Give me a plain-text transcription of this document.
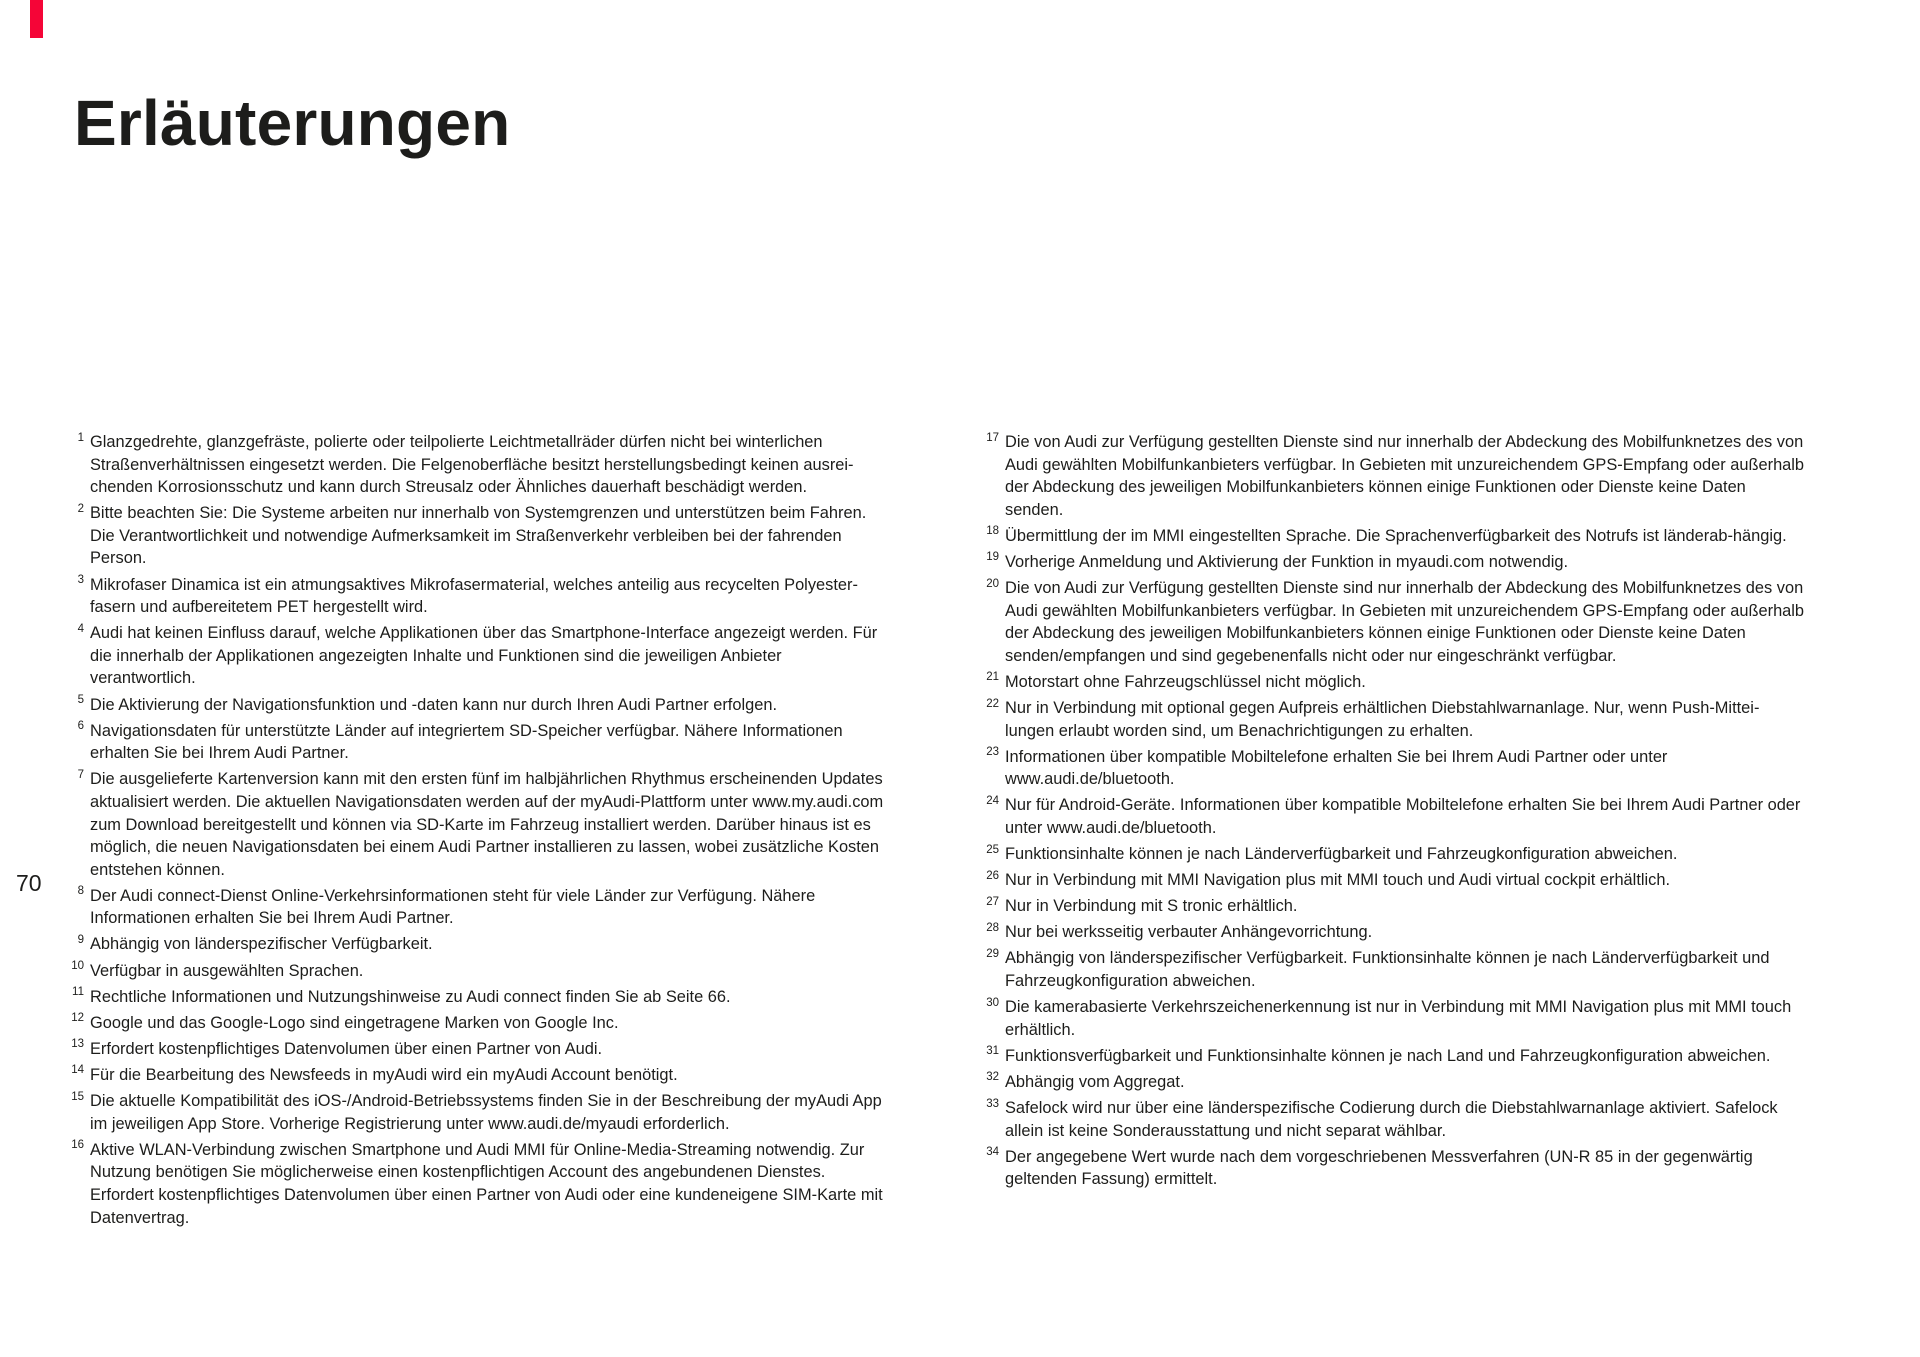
Erläuterungen
70
1 Glanzgedrehte, glanzgefräste, polierte oder teilpolierte Leichtmetallräder dürfen nicht bei winterlichen Straßenverhältnissen eingesetzt werden. Die Felgenoberfläche besitzt herstellungsbedingt keinen ausrei-chenden Korrosionsschutz und kann durch Streusalz oder Ähnliches dauerhaft beschädigt werden.
2 Bitte beachten Sie: Die Systeme arbeiten nur innerhalb von Systemgrenzen und unterstützen beim Fahren. Die Verantwortlichkeit und notwendige Aufmerksamkeit im Straßenverkehr verbleiben bei der fahrenden Person.
3 Mikrofaser Dinamica ist ein atmungsaktives Mikrofasermaterial, welches anteilig aus recycelten Polyester-fasern und aufbereitetem PET hergestellt wird.
4 Audi hat keinen Einfluss darauf, welche Applikationen über das Smartphone-Interface angezeigt werden. Für die innerhalb der Applikationen angezeigten Inhalte und Funktionen sind die jeweiligen Anbieter verantwortlich.
5 Die Aktivierung der Navigationsfunktion und -daten kann nur durch Ihren Audi Partner erfolgen.
6 Navigationsdaten für unterstützte Länder auf integriertem SD-Speicher verfügbar. Nähere Informationen erhalten Sie bei Ihrem Audi Partner.
7 Die ausgelieferte Kartenversion kann mit den ersten fünf im halbjährlichen Rhythmus erscheinenden Updates aktualisiert werden. Die aktuellen Navigationsdaten werden auf der myAudi-Plattform unter www.my.audi.com zum Download bereitgestellt und können via SD-Karte im Fahrzeug installiert werden. Darüber hinaus ist es möglich, die neuen Navigationsdaten bei einem Audi Partner installieren zu lassen, wobei zusätzliche Kosten entstehen können.
8 Der Audi connect-Dienst Online-Verkehrsinformationen steht für viele Länder zur Verfügung. Nähere Informationen erhalten Sie bei Ihrem Audi Partner.
9 Abhängig von länderspezifischer Verfügbarkeit.
10 Verfügbar in ausgewählten Sprachen.
11 Rechtliche Informationen und Nutzungshinweise zu Audi connect finden Sie ab Seite 66.
12 Google und das Google-Logo sind eingetragene Marken von Google Inc.
13 Erfordert kostenpflichtiges Datenvolumen über einen Partner von Audi.
14 Für die Bearbeitung des Newsfeeds in myAudi wird ein myAudi Account benötigt.
15 Die aktuelle Kompatibilität des iOS-/Android-Betriebssystems finden Sie in der Beschreibung der myAudi App im jeweiligen App Store. Vorherige Registrierung unter www.audi.de/myaudi erforderlich.
16 Aktive WLAN-Verbindung zwischen Smartphone und Audi MMI für Online-Media-Streaming notwendig. Zur Nutzung benötigen Sie möglicherweise einen kostenpflichtigen Account des angebundenen Dienstes. Erfordert kostenpflichtiges Datenvolumen über einen Partner von Audi oder eine kundeneigene SIM-Karte mit Datenvertrag.
17 Die von Audi zur Verfügung gestellten Dienste sind nur innerhalb der Abdeckung des Mobilfunknetzes des von Audi gewählten Mobilfunkanbieters verfügbar. In Gebieten mit unzureichendem GPS-Empfang oder außerhalb der Abdeckung des jeweiligen Mobilfunkanbieters können einige Funktionen oder Dienste keine Daten senden.
18 Übermittlung der im MMI eingestellten Sprache. Die Sprachenverfügbarkeit des Notrufs ist länderab-hängig.
19 Vorherige Anmeldung und Aktivierung der Funktion in myaudi.com notwendig.
20 Die von Audi zur Verfügung gestellten Dienste sind nur innerhalb der Abdeckung des Mobilfunknetzes des von Audi gewählten Mobilfunkanbieters verfügbar. In Gebieten mit unzureichendem GPS-Empfang oder außerhalb der Abdeckung des jeweiligen Mobilfunkanbieters können einige Funktionen oder Dienste keine Daten senden/empfangen und sind gegebenenfalls nicht oder nur eingeschränkt verfügbar.
21 Motorstart ohne Fahrzeugschlüssel nicht möglich.
22 Nur in Verbindung mit optional gegen Aufpreis erhältlichen Diebstahlwarnanlage. Nur, wenn Push-Mittei-lungen erlaubt worden sind, um Benachrichtigungen zu erhalten.
23 Informationen über kompatible Mobiltelefone erhalten Sie bei Ihrem Audi Partner oder unter www.audi.de/bluetooth.
24 Nur für Android-Geräte. Informationen über kompatible Mobiltelefone erhalten Sie bei Ihrem Audi Partner oder unter www.audi.de/bluetooth.
25 Funktionsinhalte können je nach Länderverfügbarkeit und Fahrzeugkonfiguration abweichen.
26 Nur in Verbindung mit MMI Navigation plus mit MMI touch und Audi virtual cockpit erhältlich.
27 Nur in Verbindung mit S tronic erhältlich.
28 Nur bei werksseitig verbauter Anhängevorrichtung.
29 Abhängig von länderspezifischer Verfügbarkeit. Funktionsinhalte können je nach Länderverfügbarkeit und Fahrzeugkonfiguration abweichen.
30 Die kamerabasierte Verkehrszeichenerkennung ist nur in Verbindung mit MMI Navigation plus mit MMI touch erhältlich.
31 Funktionsverfügbarkeit und Funktionsinhalte können je nach Land und Fahrzeugkonfiguration abweichen.
32 Abhängig vom Aggregat.
33 Safelock wird nur über eine länderspezifische Codierung durch die Diebstahlwarnanlage aktiviert. Safelock allein ist keine Sonderausstattung und nicht separat wählbar.
34 Der angegebene Wert wurde nach dem vorgeschriebenen Messverfahren (UN-R 85 in der gegenwärtig geltenden Fassung) ermittelt.
